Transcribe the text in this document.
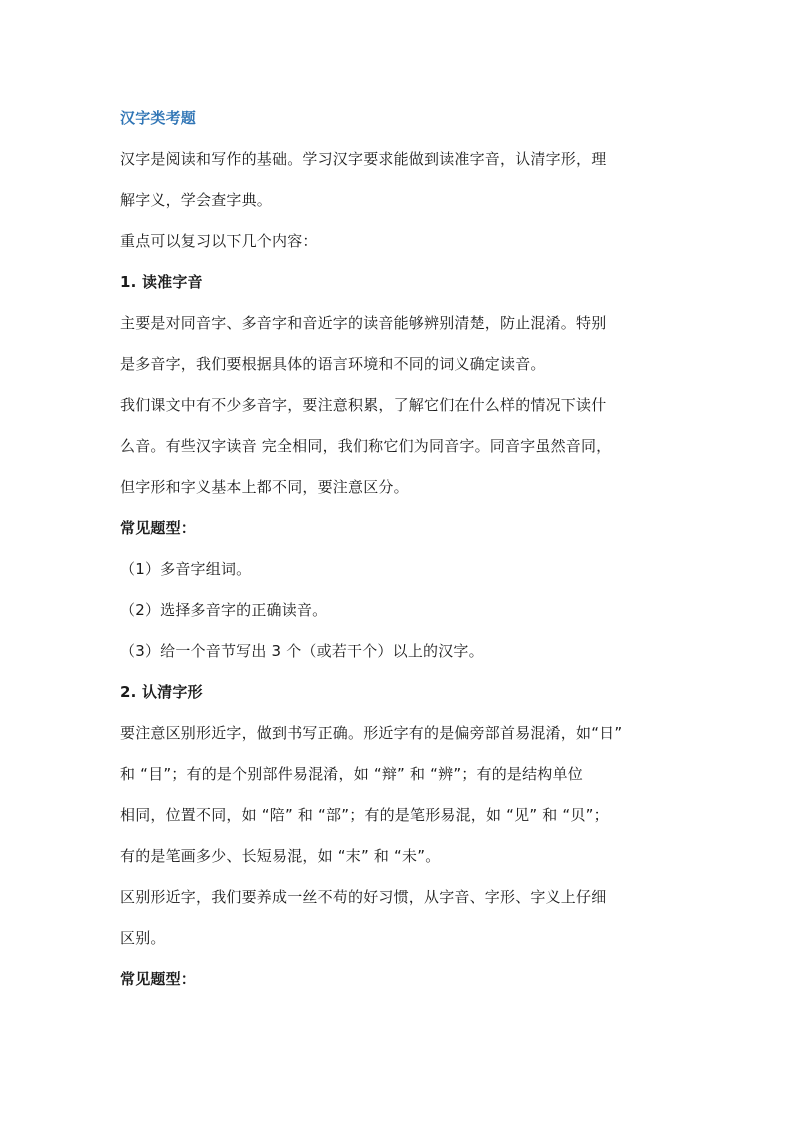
汉字类考题
汉字是阅读和写作的基础。学习汉字要求能做到读准字音，认清字形，理
解字义，学会查字典。
重点可以复习以下几个内容：
1. 读准字音
主要是对同音字、多音字和音近字的读音能够辨别清楚，防止混淆。特别
是多音字，我们要根据具体的语言环境和不同的词义确定读音。
我们课文中有不少多音字，要注意积累，了解它们在什么样的情况下读什
么音。有些汉字读音 完全相同，我们称它们为同音字。同音字虽然音同，
但字形和字义基本上都不同，要注意区分。
常见题型：
（1）多音字组词。
（2）选择多音字的正确读音。
（3）给一个音节写出 3 个（或若干个）以上的汉字。
2. 认清字形
要注意区别形近字，做到书写正确。形近字有的是偏旁部首易混淆，如“日”
和 “目”；有的是个别部件易混淆，如 “辩” 和 “辨”；有的是结构单位
相同，位置不同，如 “陪” 和 “部”；有的是笔形易混，如 “见” 和 “贝”；
有的是笔画多少、长短易混，如 “末” 和 “未”。
区别形近字，我们要养成一丝不苟的好习惯，从字音、字形、字义上仔细
区别。
常见题型：
